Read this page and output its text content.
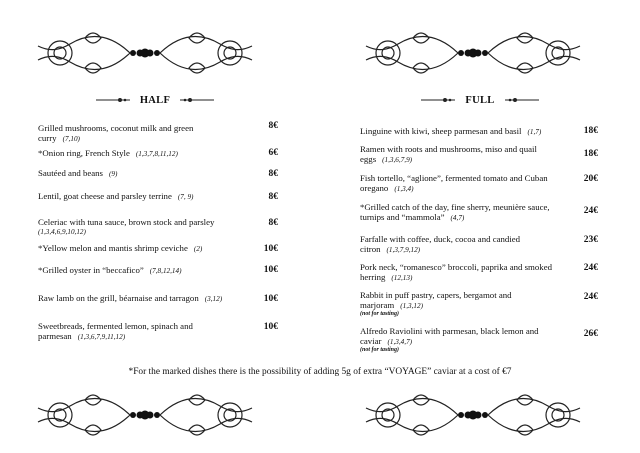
HALF	FULL
Grilled mushrooms, coconut milk and green curry (7,10)
8€
*Onion ring, French Style (1,3,7,8,11,12)	6€
Sautéed and beans (9)	8€
Lentil, goat cheese and parsley terrine (7, 9)	8€
Celeriac with tuna sauce, brown stock and parsley
(1,3,4,6,9,10,12)
8€
*Yellow melon and mantis shrimp ceviche (2)	10€
*Grilled oyster in “beccafico” (7,8,12,14)	10€
Raw lamb on the grill, béarnaise and tarragon (3,12)	10€
Sweetbreads, fermented lemon, spinach and parmesan (1,3,6,7,9,11,12)
10€
Linguine with kiwi, sheep parmesan and basil (1,7)	18€
Ramen with roots and mushrooms, miso and quail eggs (1,3,6,7,9)
18€
Fish tortello, “aglione”, fermented tomato and Cuban oregano (1,3,4)
20€
*Grilled catch of the day, fine sherry, meunière sauce, turnips and “mammola” (4,7)
24€
Farfalle with coffee, duck, cocoa and candied citron (1,3,7,9,12)
23€
Pork neck, “romanesco” broccoli, paprika and smoked herring (12,13)
24€
Rabbit in puff pastry, capers, bergamot and marjoram (1,3,12)
(not for tasting)
24€
Alfredo Raviolini with parmesan, black lemon and caviar (1,3,4,7)
(not for tasting)
26€
*For the marked dishes there is the possibility of adding 5g of extra “VOYAGE” caviar at a cost of €7
